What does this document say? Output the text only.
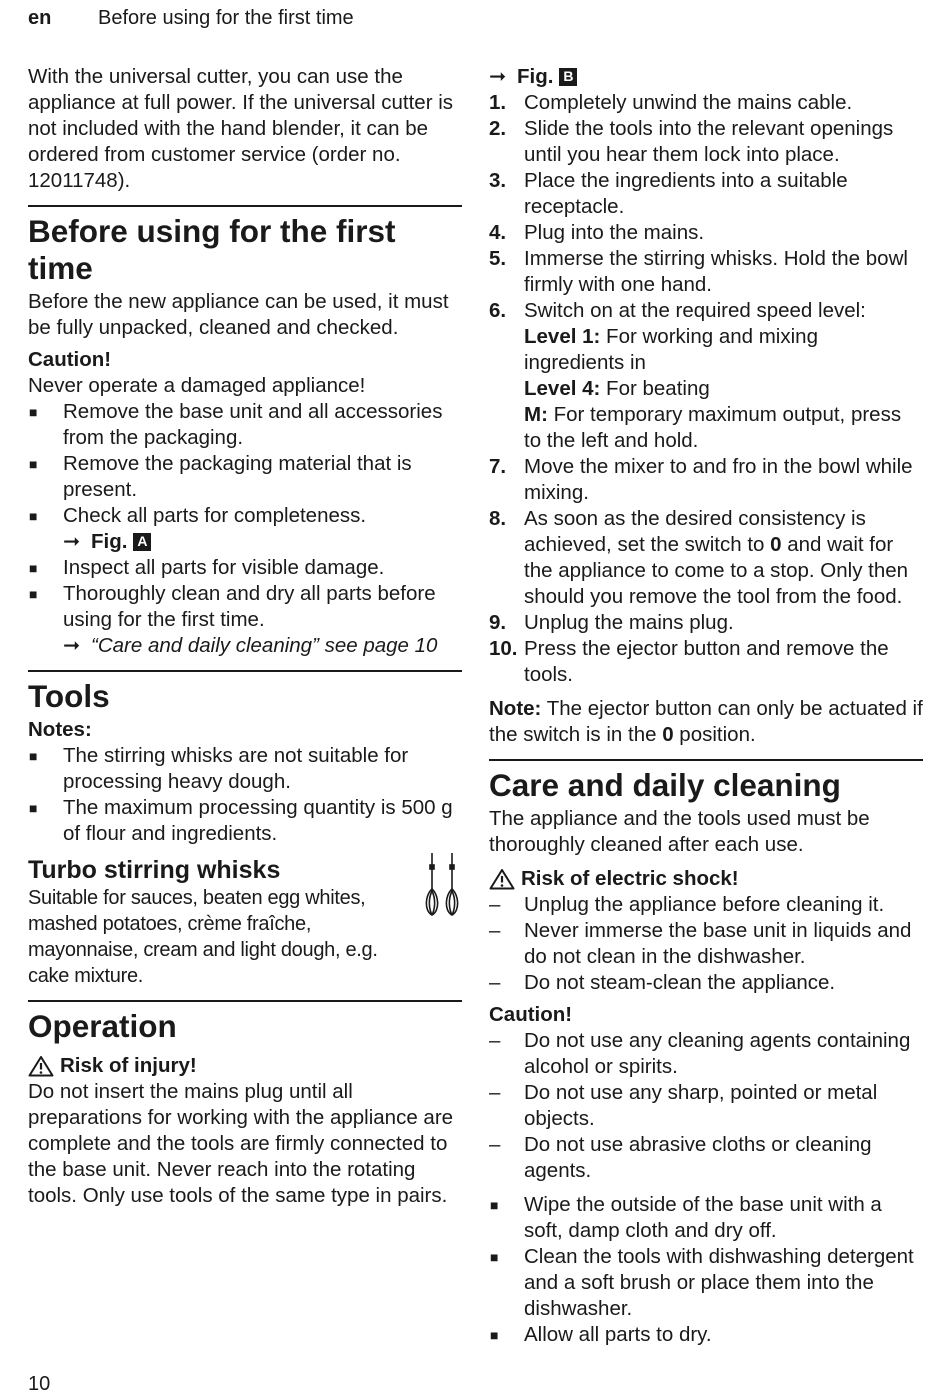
en Before using for the first time

With the universal cutter, you can use the appliance at full power. If the universal cutter is not included with the hand blender, it can be ordered from customer service (order no. 12011748).

Before using for the first time

Before the new appliance can be used, it must be fully unpacked, cleaned and checked.

Caution!

Never operate a damaged appliance!

■ Remove the base unit and all accessories from the packaging.
■ Remove the packaging material that is present.
■ Check all parts for completeness.

➞ Fig. A
■ Inspect all parts for visible damage.
■ Thoroughly clean and dry all parts before using for the first time.
➞ “Care and daily cleaning” see page 10
Tools

Notes:

■ The stirring whisks are not suitable for processing heavy dough.
■ The maximum processing quantity is 500 g of flour and ingredients.
Turbo stirring whisks

Suitable for sauces, beaten egg whites, mashed potatoes, crème fraîche, mayonnaise, cream and light dough, e.g. cake mixture.

Operation
Risk of injury!

Do not insert the mains plug until all preparations for working with the appliance are complete and the tools are firmly connected to the base unit. Never reach into the rotating tools. Only use tools of the same type in pairs.

➞ Fig. B
1. Completely unwind the mains cable.
2. Slide the tools into the relevant openings until you hear them lock into place.
3. Place the ingredients into a suitable receptacle.
4. Plug into the mains.
5. Immerse the stirring whisks. Hold the bowl firmly with one hand.
6. Switch on at the required speed level:
Level 1: For working and mixing ingredients in
Level 4: For beating
M: For temporary maximum output, press to the left and hold.
7. Move the mixer to and fro in the bowl while mixing.
8. As soon as the desired consistency is achieved, set the switch to 0 and wait for the appliance to come to a stop. Only then should you remove the tool from the food.
9. Unplug the mains plug.
10. Press the ejector button and remove the tools.

Note: The ejector button can only be actuated if the switch is in the 0 position.

Care and daily cleaning

The appliance and the tools used must be thoroughly cleaned after each use.

Risk of electric shock!
– Unplug the appliance before cleaning it.
– Never immerse the base unit in liquids and do not clean in the dishwasher.
– Do not steam-clean the appliance.

Caution!

– Do not use any cleaning agents containing alcohol or spirits.
– Do not use any sharp, pointed or metal objects.
– Do not use abrasive cloths or cleaning agents.
■ Wipe the outside of the base unit with a soft, damp cloth and dry off.
■ Clean the tools with dishwashing detergent and a soft brush or place them into the dishwasher.
■ Allow all parts to dry.
10
